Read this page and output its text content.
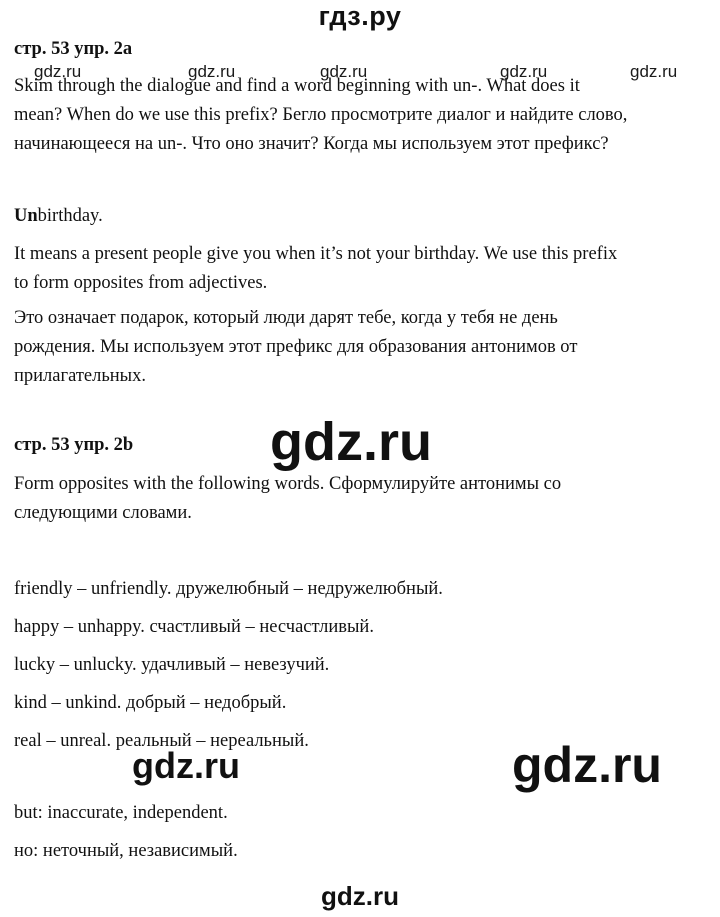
гдз.ру
стр. 53 упр. 2a
Skim through the dialogue and find a word beginning with un-. What does it
mean? When do we use this prefix? Бегло просмотрите диалог и найдите слово,
начинающееся на un-. Что оно значит? Когда мы используем этот префикс?
gdz.ru	gdz.ru	gdz.ru	gdz.ru	gdz.ru
Unbirthday.
It means a present people give you when it’s not your birthday. We use this prefix
to form opposites from adjectives.
Это означает подарок, который люди дарят тебе, когда у тебя не день
рождения. Мы используем этот префикс для образования антонимов от
прилагательных.
стр. 53 упр. 2b	gdz.ru
Form opposites with the following words. Сформулируйте антонимы со
следующими словами.
friendly – unfriendly. дружелюбный – недружелюбный.
happy – unhappy. счастливый – несчастливый.
lucky – unlucky. удачливый – невезучий.
kind – unkind. добрый – недобрый.
real – unreal. реальный – нереальный.
gdz.ru	gdz.ru
but: inaccurate, independent.
но: неточный, независимый.
gdz.ru
